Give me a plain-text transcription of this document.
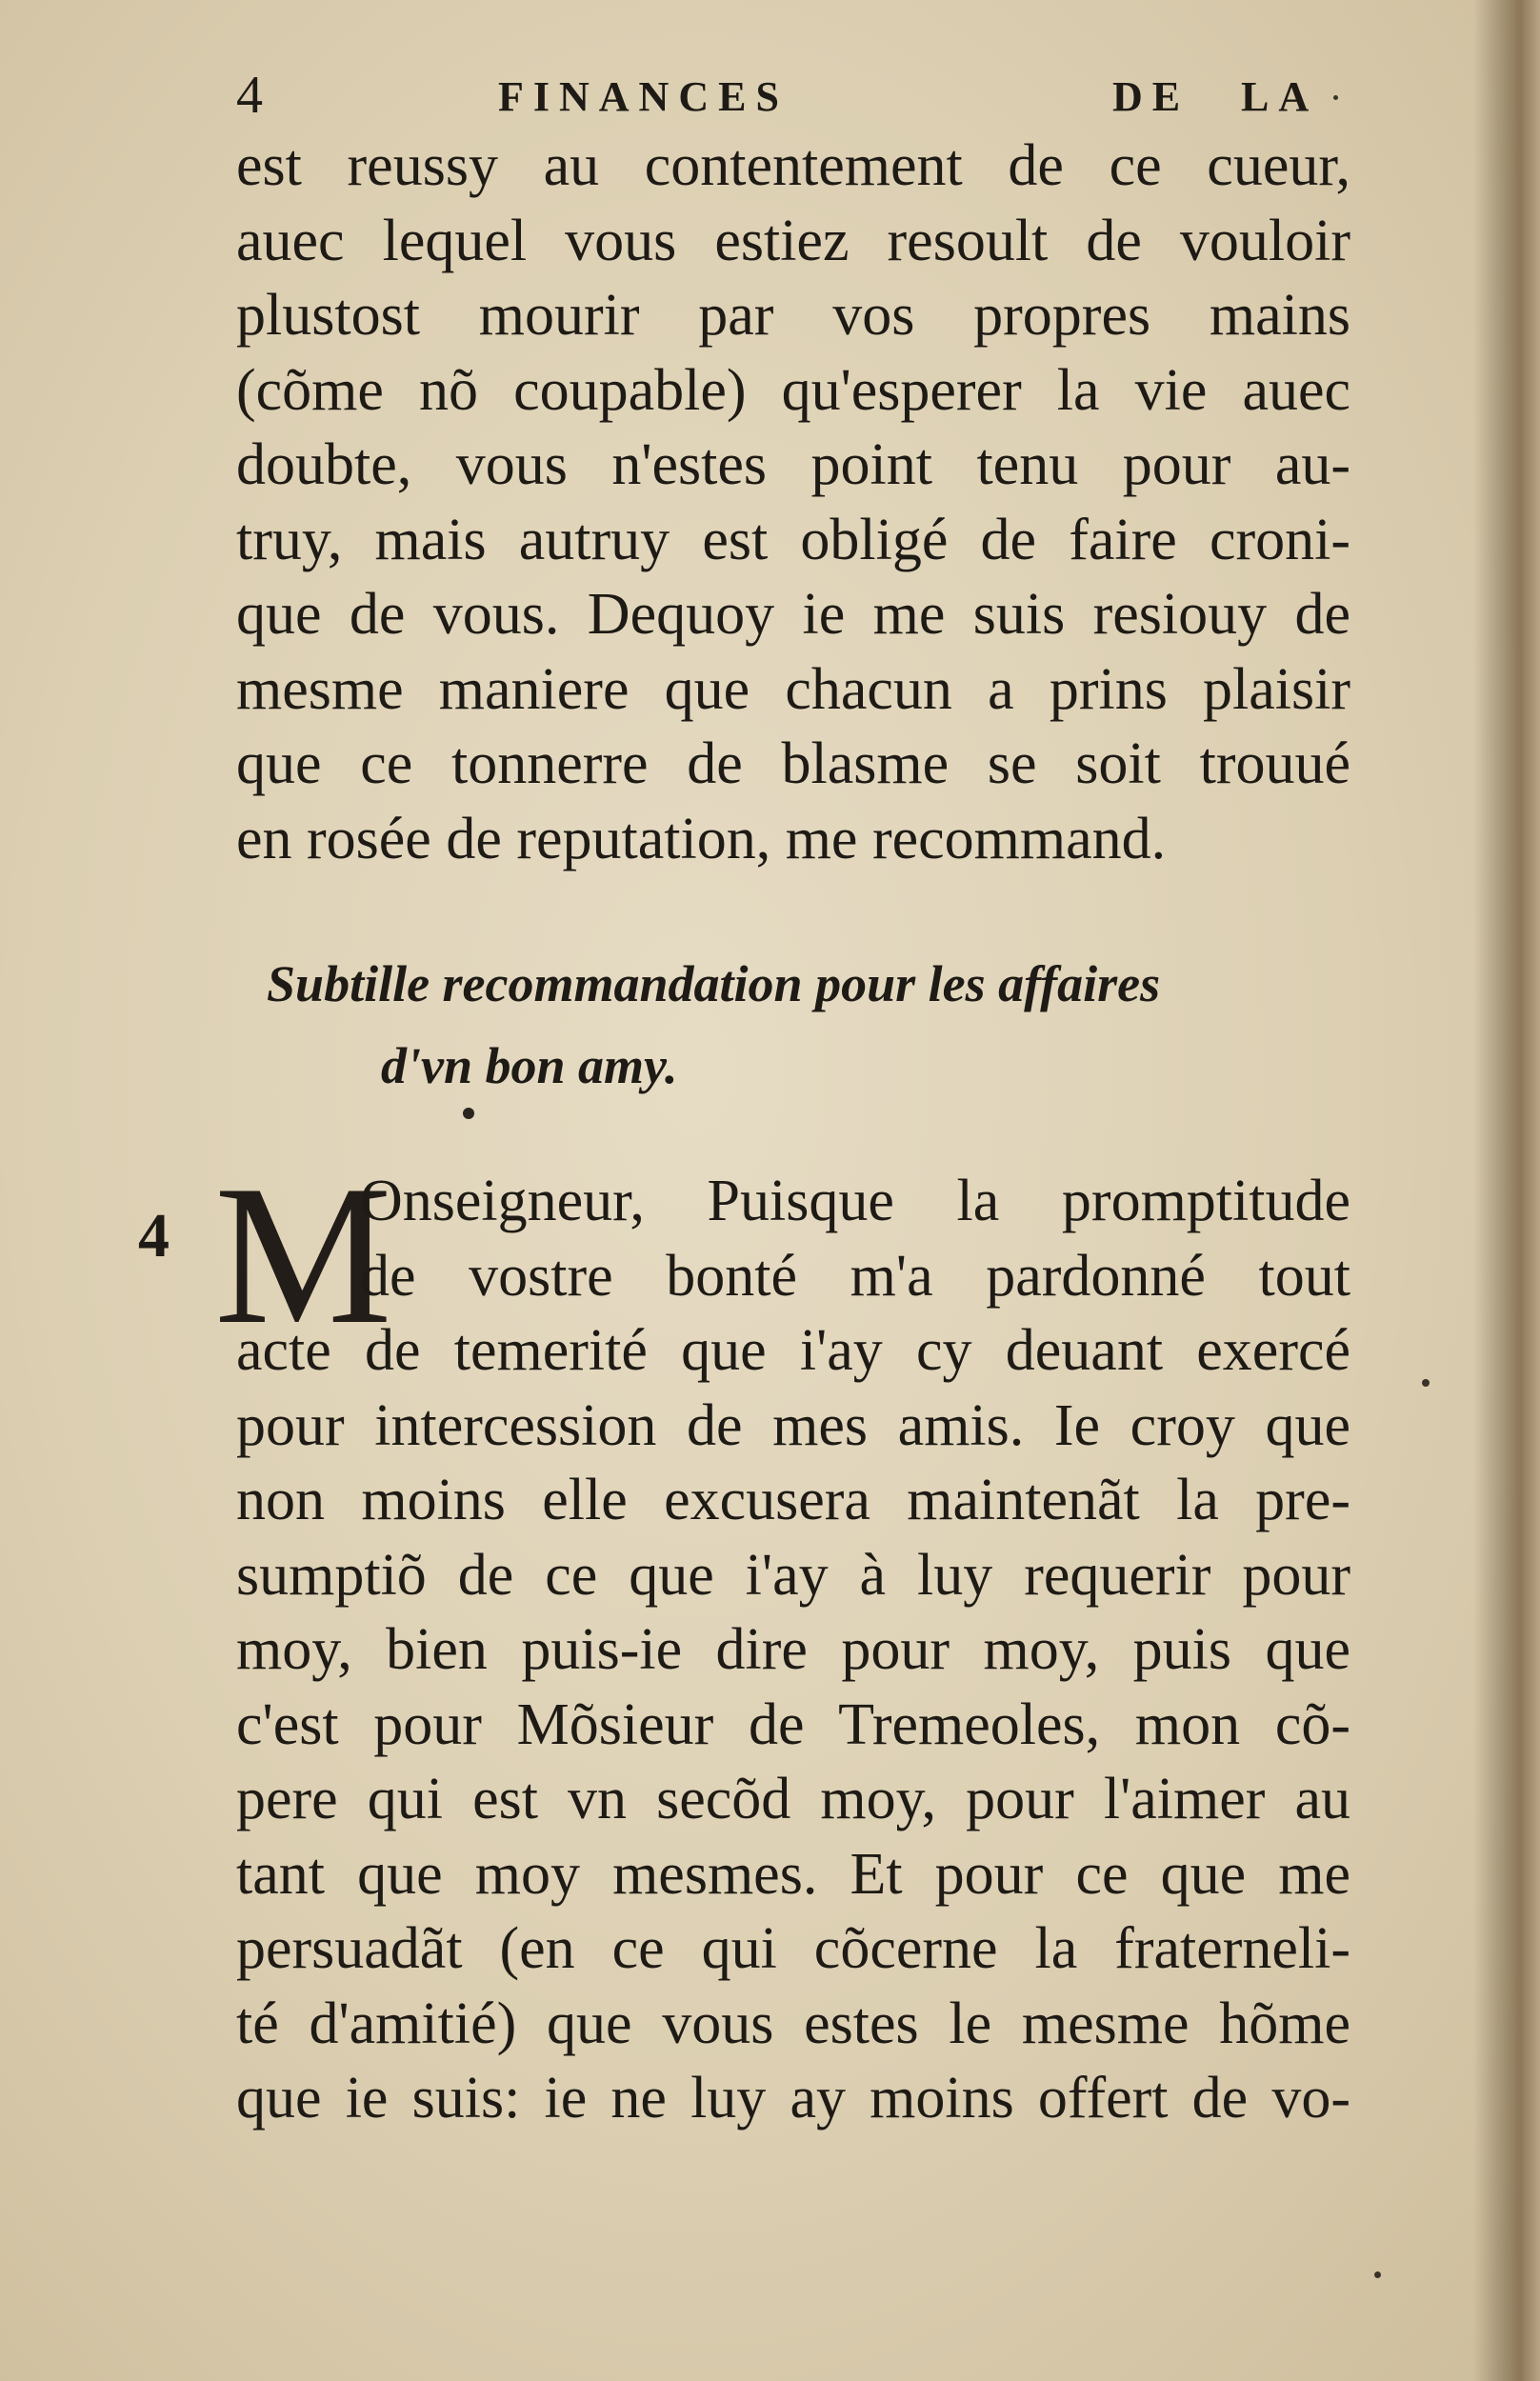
4	FINANCES	DE LA
est reussy au contentement de ce cueur,
auec lequel vous estiez resoult de vouloir
plustost mourir par vos propres mains
(cõme nõ coupable) qu'esperer la vie auec
doubte, vous n'estes point tenu pour au-
truy, mais autruy est obligé de faire croni-
que de vous. Dequoy ie me suis resiouy de
mesme maniere que chacun a prins plaisir
que ce tonnerre de blasme se soit trouué

en rosée de reputation, me recommand.
Subtille recommandation pour les affaires
d'vn bon amy.
4 M
Onseigneur, Puisque la promptitude
de vostre bonté m'a pardonné tout
acte de temerité que i'ay cy deuant exercé
pour intercession de mes amis. Ie croy que
non moins elle excusera maintenãt la pre-
sumptiõ de ce que i'ay à luy requerir pour
moy, bien puis-ie dire pour moy, puis que
c'est pour Mõsieur de Tremeoles, mon cõ-
pere qui est vn secõd moy, pour l'aimer au
tant que moy mesmes. Et pour ce que me
persuadãt (en ce qui cõcerne la fraterneli-
té d'amitié) que vous estes le mesme hõme
que ie suis: ie ne luy ay moins offert de vo-
